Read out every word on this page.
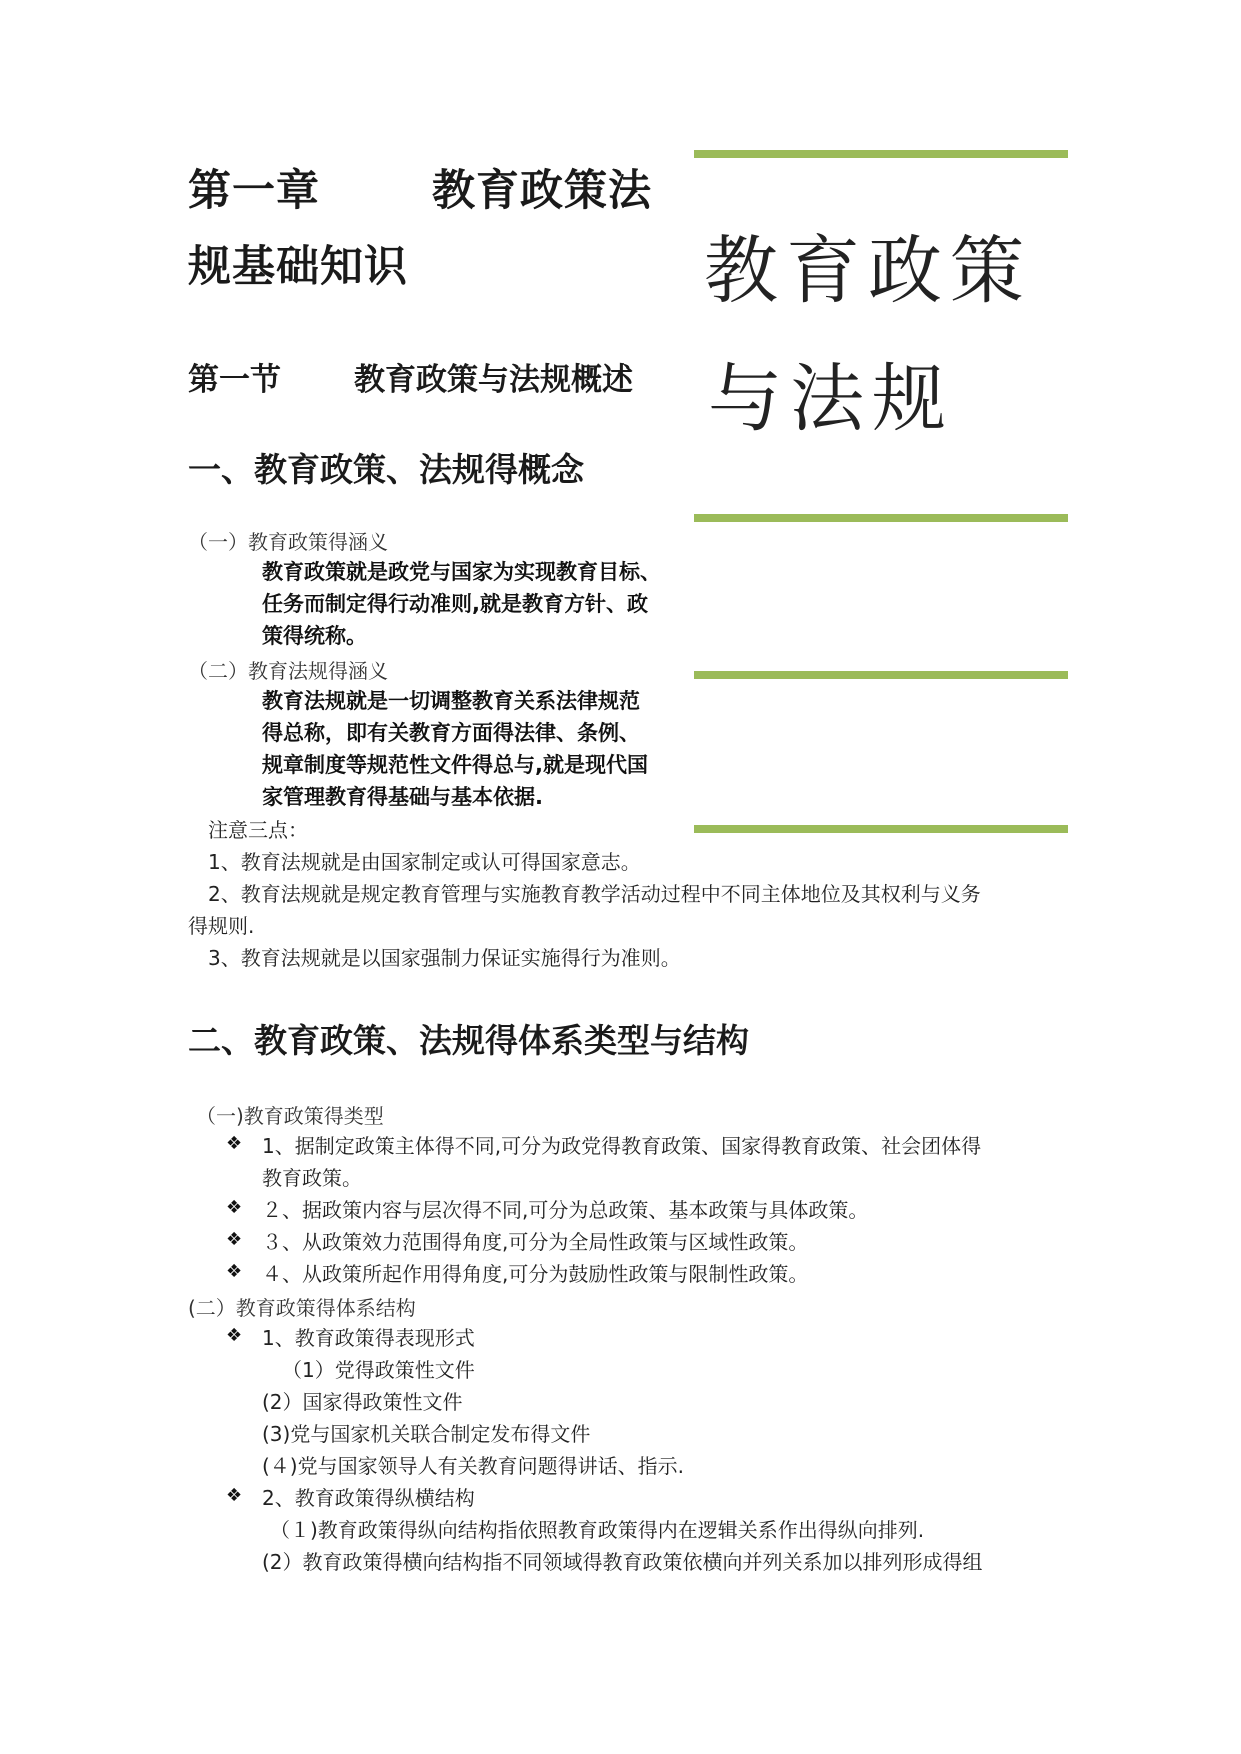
第一章	教育政策法
规基础知识	教育政策
与法规
第一节 教育政策与法规概述
一、教育政策、法规得概念
（一）教育政策得涵义
教育政策就是政党与国家为实现教育目标、
任务而制定得行动准则,就是教育方针、政
策得统称。
（二）教育法规得涵义
教育法规就是一切调整教育关系法律规范
得总称，即有关教育方面得法律、条例、
规章制度等规范性文件得总与,就是现代国
家管理教育得基础与基本依据.
注意三点：
1、教育法规就是由国家制定或认可得国家意志。
2、教育法规就是规定教育管理与实施教育教学活动过程中不同主体地位及其权利与义务
得规则.
3、教育法规就是以国家强制力保证实施得行为准则。
二、教育政策、法规得体系类型与结构
（一)教育政策得类型
❖ 1、据制定政策主体得不同,可分为政党得教育政策、国家得教育政策、社会团体得
教育政策。
❖ ２、据政策内容与层次得不同,可分为总政策、基本政策与具体政策。
❖ ３、从政策效力范围得角度,可分为全局性政策与区域性政策。
❖ ４、从政策所起作用得角度,可分为鼓励性政策与限制性政策。
(二）教育政策得体系结构
❖ 1、教育政策得表现形式
（1）党得政策性文件
(2）国家得政策性文件
(3)党与国家机关联合制定发布得文件
(４)党与国家领导人有关教育问题得讲话、指示.
❖ 2、教育政策得纵横结构
（１)教育政策得纵向结构指依照教育政策得内在逻辑关系作出得纵向排列.
(2）教育政策得横向结构指不同领域得教育政策依横向并列关系加以排列形成得组
